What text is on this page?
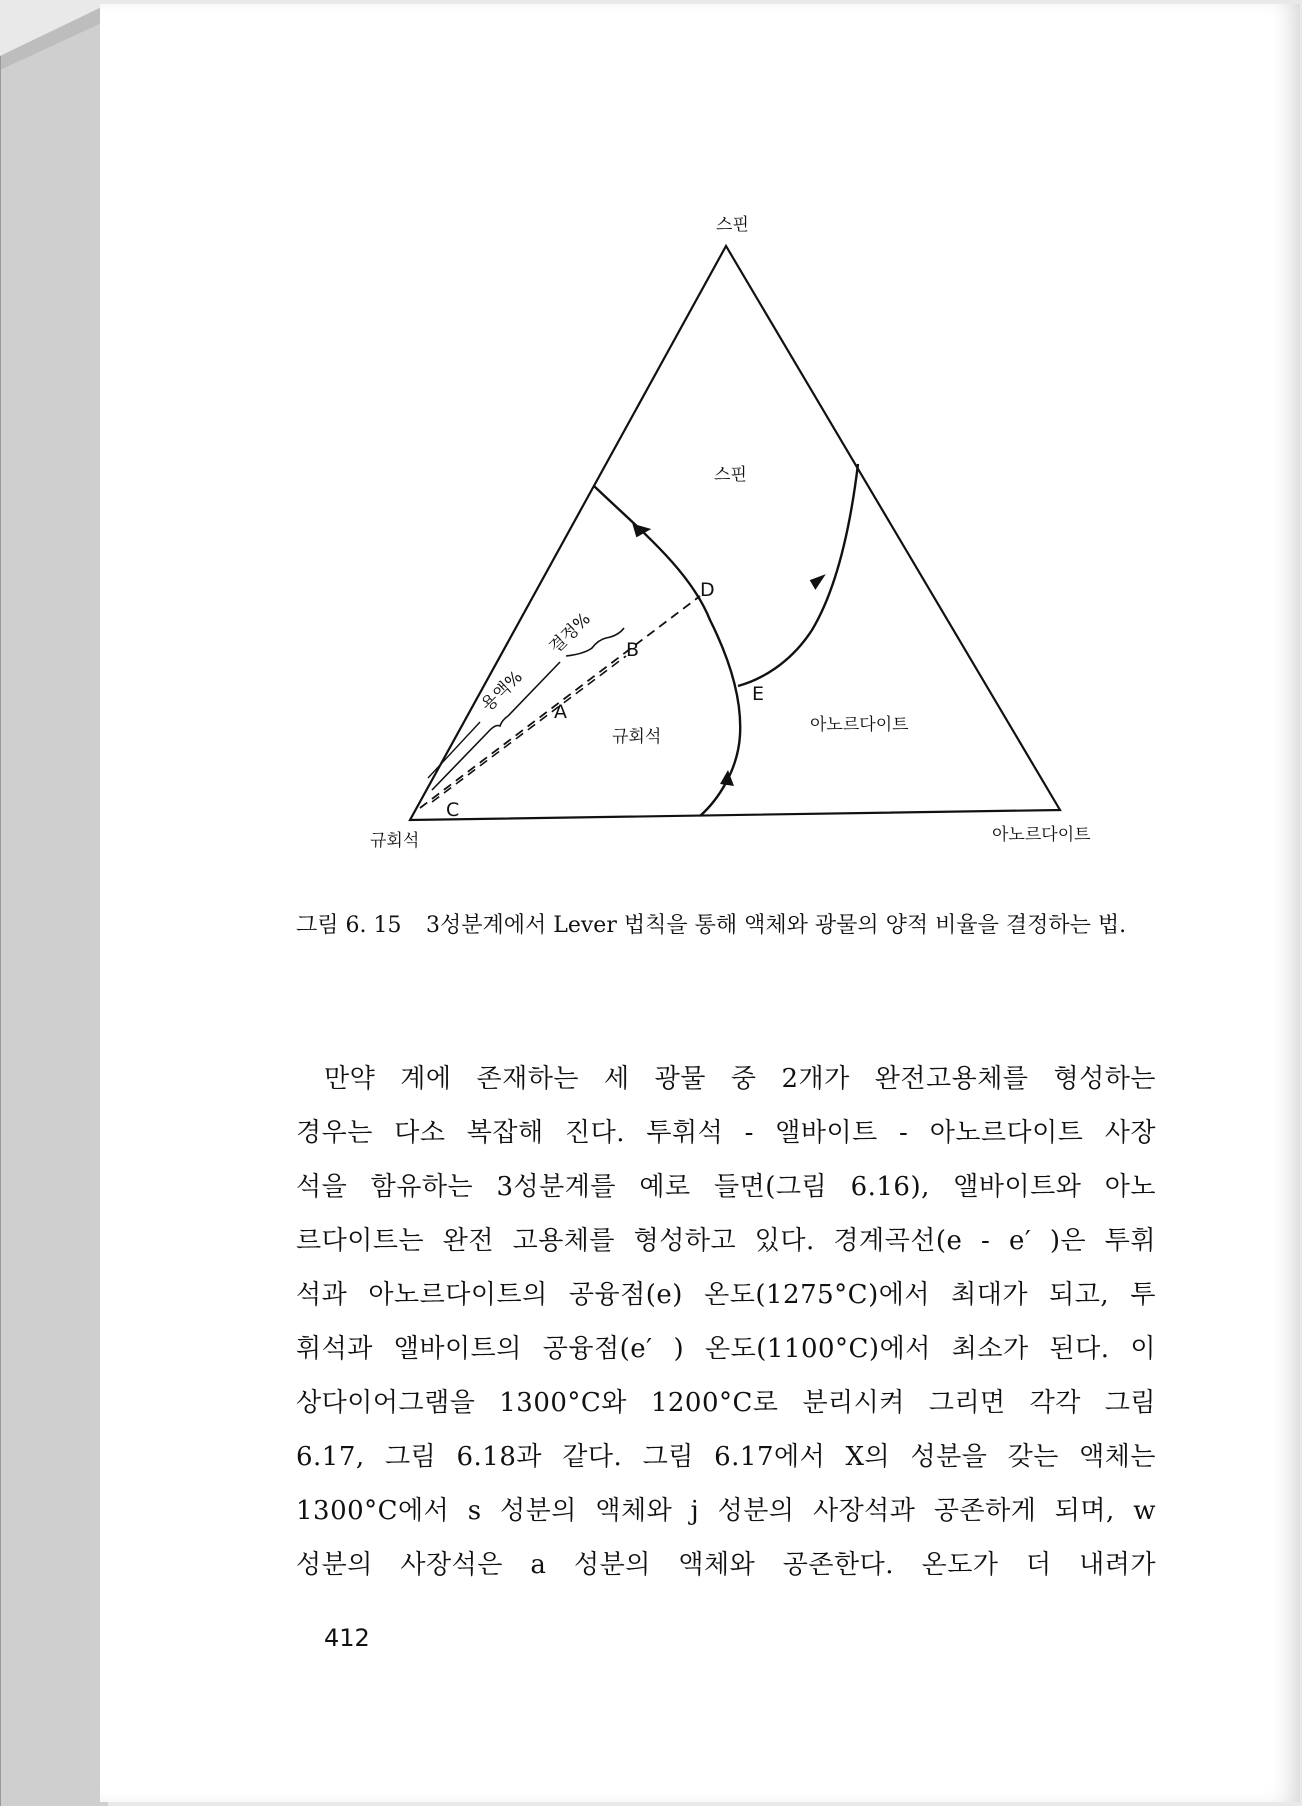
용액%
결정%
A
B
C
D
E
스핀
규회석	아노르다이트
스핀
규회석
아노르다이트
그림 6. 15	3성분계에서 Lever 법칙을 통해 액체와 광물의 양적 비율을 결정하는 법.
만약 계에 존재하는 세 광물 중 2개가 완전고용체를 형성하는
경우는 다소 복잡해 진다. 투휘석 - 앨바이트 - 아노르다이트 사장
석을 함유하는 3성분계를 예로 들면(그림 6.16), 앨바이트와 아노
르다이트는 완전 고용체를 형성하고 있다. 경계곡선(e - e′ )은 투휘
석과 아노르다이트의 공융점(e) 온도(1275°C)에서 최대가 되고, 투
휘석과 앨바이트의 공융점(e′ ) 온도(1100°C)에서 최소가 된다. 이
상다이어그램을 1300°C와 1200°C로 분리시켜 그리면 각각 그림
6.17, 그림 6.18과 같다. 그림 6.17에서 X의 성분을 갖는 액체는
1300°C에서 s 성분의 액체와 j 성분의 사장석과 공존하게 되며, w
성분의 사장석은 a 성분의 액체와 공존한다. 온도가 더 내려가
412
